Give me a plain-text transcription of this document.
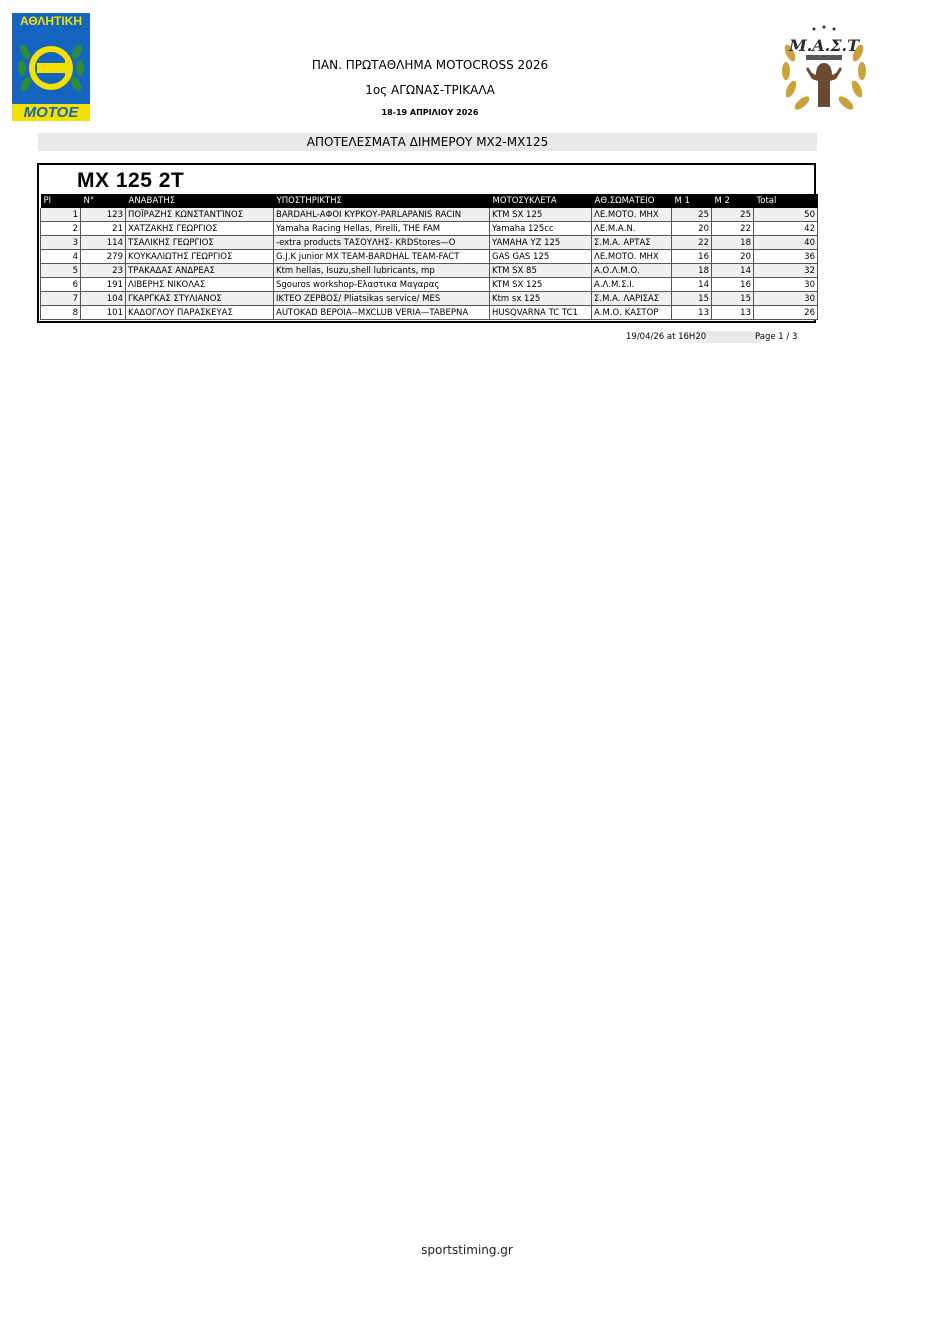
ΑΘΛΗΤΙΚΗ
ΜΟΤΟΕ
Μ.Α.Σ.Τ
ΠΑΝ. ΠΡΩΤΑΘΛΗΜΑ MOTOCROSS 2026
1ος ΑΓΩΝΑΣ-ΤΡΙΚΑΛΑ
18-19 ΑΠΡΙΛΙΟΥ 2026
ΑΠΟΤΕΛΕΣΜΑΤΑ ΔΙΗΜΕΡΟΥ MX2-MX125
MX 125 2T
Pl	N°	ΑΝΑΒΑΤΗΣ	ΥΠΟΣΤΗΡΙΚΤΗΣ	ΜΟΤΟΣΥΚΛΕΤΑ	ΑΘ.ΣΩΜΑΤΕΙΟ	M 1	M 2	Total
1	123	ΠΟΪΡΑΖΗΣ ΚΩΝΣΤΑΝΤΊΝΟΣ	BARDAHL-ΑΦΟΙ ΚΥΡΚΟΥ-PARLAPANIS RACIN	KTM SX 125	ΛΕ.ΜΟΤΟ. ΜΗΧ	25	25	50
2	21	ΧΑΤΖΑΚΗΣ ΓΕΩΡΓΙΟΣ	Yamaha Racing Hellas, Pirelli, THE FAM	Yamaha 125cc	ΛΕ.Μ.Α.Ν.	20	22	42
3	114	ΤΣΑΛΙΚΗΣ ΓΕΩΡΓΙΟΣ	-extra products ΤΑΣΟΥΛΗΣ- KRDStores—O	YAMAHA YZ 125	Σ.Μ.Α. ΑΡΤΑΣ	22	18	40
4	279	ΚΟΥΚΑΛΙΩΤΗΣ ΓΕΩΡΓΙΟΣ	G.J.K junior MX TEAM-BARDHAL TEAM-FACT	GAS GAS 125	ΛΕ.ΜΟΤΟ. ΜΗΧ	16	20	36
5	23	ΤΡΑΚΑΔΑΣ ΑΝΔΡΕΑΣ	Ktm hellas, Isuzu,shell lubricants, mp	KTM SX 85	Α.Ο.Λ.Μ.Ο.	18	14	32
6	191	ΛΙΒΕΡΗΣ ΝΙΚΟΛΑΣ	Sgouros workshop-Ελαστικα Μαγαρας	KTM SX 125	Α.Λ.Μ.Σ.Ι.	14	16	30
7	104	ΓΚΑΡΓΚΑΣ ΣΤΥΛΙΑΝΟΣ	ΙΚΤΕΟ ΖΕΡΒΟΣ/ Pliatsikas service/ MES	Ktm sx 125	Σ.Μ.Α. ΛΑΡΙΣΑΣ	15	15	30
8	101	ΚΑΔΟΓΛΟΥ ΠΑΡΑΣΚΕΥΑΣ	AUTOKAD ΒΕΡΟΙΑ--MXCLUB VERIA—TABEPNA	HUSQVARNA TC TC1	Α.Μ.Ο. ΚΑΣΤΟΡ	13	13	26
19/04/26 at 16H20	Page 1 / 3
sportstiming.gr
